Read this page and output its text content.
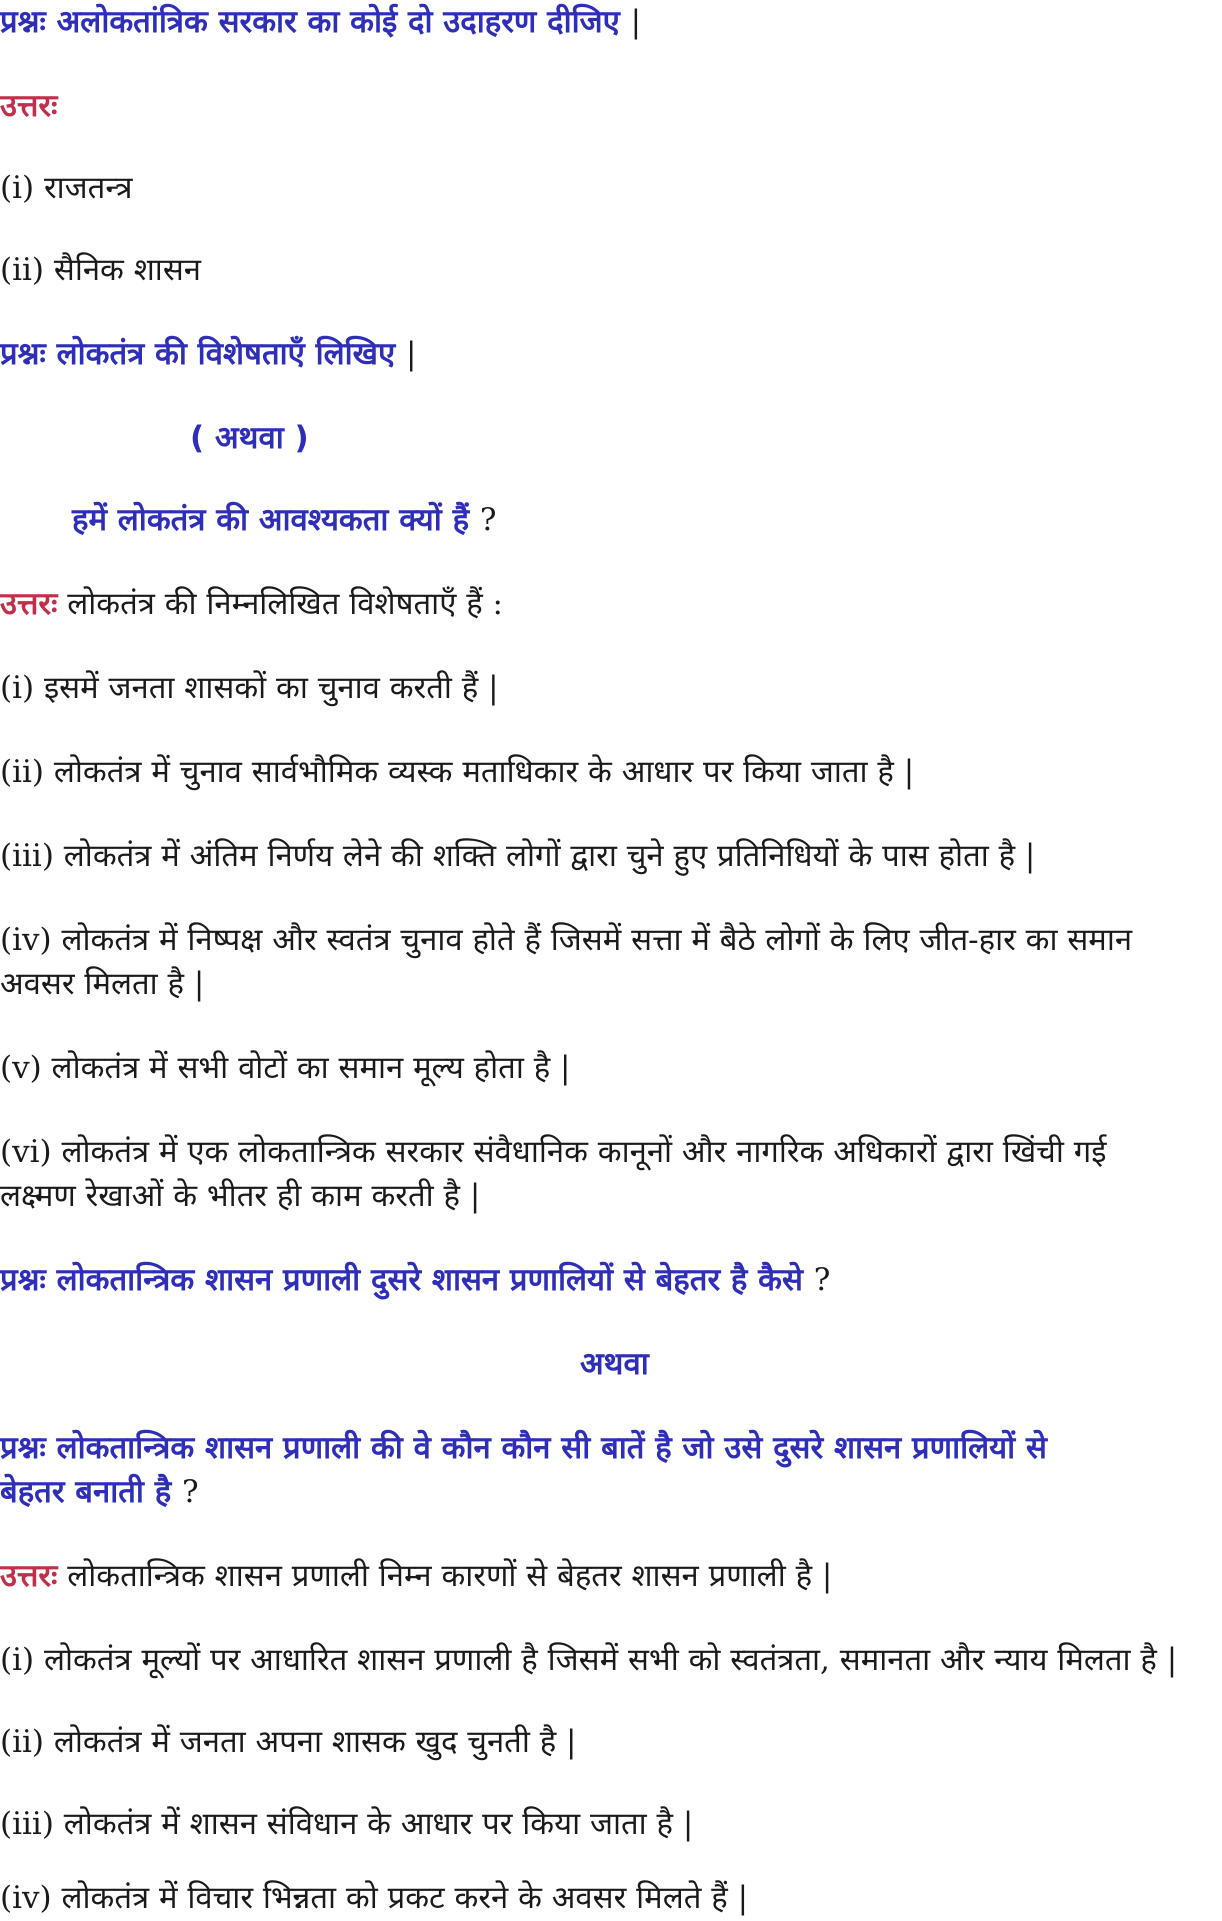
प्रश्नः अलोकतांत्रिक सरकार का कोई दो उदाहरण दीजिए |
उत्तरः
(i) राजतन्त्र
(ii) सैनिक शासन
प्रश्नः लोकतंत्र की विशेषताएँ लिखिए |
( अथवा )
हमें लोकतंत्र की आवश्यकता क्यों हैं ?
उत्तरः लोकतंत्र की निम्नलिखित विशेषताएँ हैं :
(i) इसमें जनता शासकों का चुनाव करती हैं |
(ii) लोकतंत्र में चुनाव सार्वभौमिक व्यस्क मताधिकार के आधार पर किया जाता है |
(iii) लोकतंत्र में अंतिम निर्णय लेने की शक्ति लोगों द्वारा चुने हुए प्रतिनिधियों के पास होता है |
(iv) लोकतंत्र में निष्पक्ष और स्वतंत्र चुनाव होते हैं जिसमें सत्ता में बैठे लोगों के लिए जीत-हार का समान
अवसर मिलता है |
(v) लोकतंत्र में सभी वोटों का समान मूल्य होता है |
(vi) लोकतंत्र में एक लोकतान्त्रिक सरकार संवैधानिक कानूनों और नागरिक अधिकारों द्वारा खिंची गई
लक्ष्मण रेखाओं के भीतर ही काम करती है |
प्रश्नः लोकतान्त्रिक शासन प्रणाली दुसरे शासन प्रणालियों से बेहतर है कैसे ?
अथवा
प्रश्नः लोकतान्त्रिक शासन प्रणाली की वे कौन कौन सी बातें है जो उसे दुसरे शासन प्रणालियों से
बेहतर बनाती है ?
उत्तरः लोकतान्त्रिक शासन प्रणाली निम्न कारणों से बेहतर शासन प्रणाली है |
(i) लोकतंत्र मूल्यों पर आधारित शासन प्रणाली है जिसमें सभी को स्वतंत्रता, समानता और न्याय मिलता है |
(ii) लोकतंत्र में जनता अपना शासक खुद चुनती है |
(iii) लोकतंत्र में शासन संविधान के आधार पर किया जाता है |
(iv) लोकतंत्र में विचार भिन्नता को प्रकट करने के अवसर मिलते हैं |
